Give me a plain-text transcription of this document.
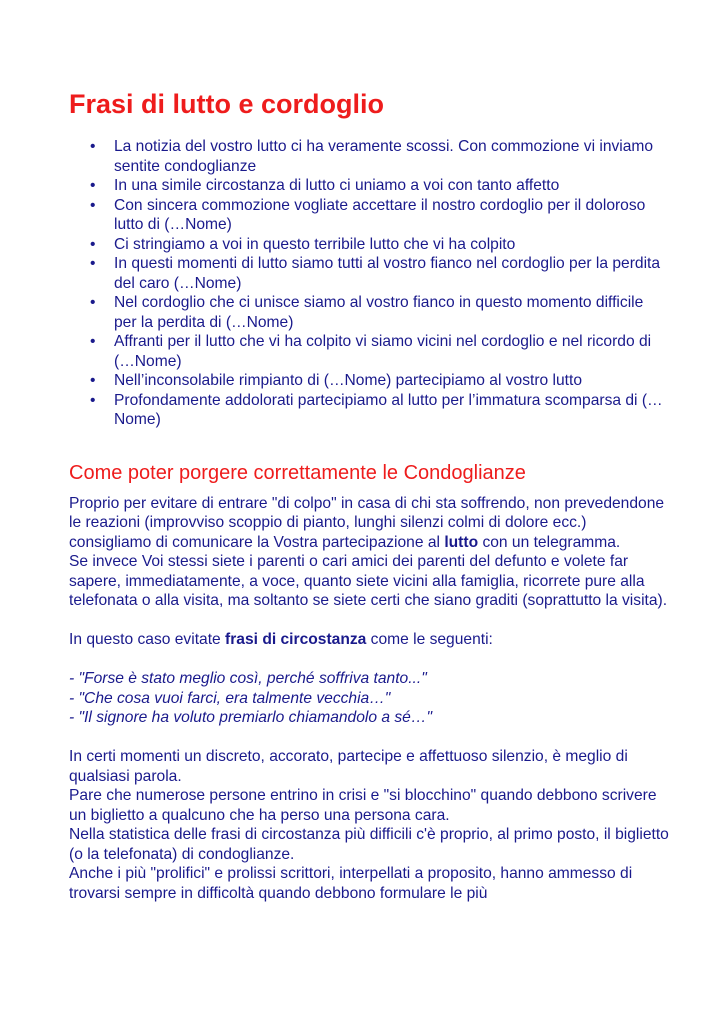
Frasi di lutto e cordoglio
• La notizia del vostro lutto ci ha veramente scossi. Con commozione vi inviamo sentite condoglianze
• In una simile circostanza di lutto ci uniamo a voi con tanto affetto
• Con sincera commozione vogliate accettare il nostro cordoglio per il doloroso lutto di (…Nome)
• Ci stringiamo a voi in questo terribile lutto che vi ha colpito
• In questi momenti di lutto siamo tutti al vostro fianco nel cordoglio per la perdita del caro (…Nome)
• Nel cordoglio che ci unisce siamo al vostro fianco in questo momento difficile per la perdita di (…Nome)
• Affranti per il lutto che vi ha colpito vi siamo vicini nel cordoglio e nel ricordo di (…Nome)
• Nell’inconsolabile rimpianto di (…Nome) partecipiamo al vostro lutto
• Profondamente addolorati partecipiamo al lutto per l’immatura scomparsa di (…Nome)
Come poter porgere correttamente le Condoglianze

Proprio per evitare di entrare "di colpo" in casa di chi sta soffrendo, non prevedendone le reazioni (improvviso scoppio di pianto, lunghi silenzi colmi di dolore ecc.) consigliamo di comunicare la Vostra partecipazione al lutto con un telegramma.

Se invece Voi stessi siete i parenti o cari amici dei parenti del defunto e volete far sapere, immediatamente, a voce, quanto siete vicini alla famiglia, ricorrete pure alla telefonata o alla visita, ma soltanto se siete certi che siano graditi (soprattutto la visita).

In questo caso evitate frasi di circostanza come le seguenti:

- "Forse è stato meglio così, perché soffriva tanto..."

- "Che cosa vuoi farci, era talmente vecchia…"

- "Il signore ha voluto premiarlo chiamandolo a sé…"

In certi momenti un discreto, accorato, partecipe e affettuoso silenzio, è meglio di qualsiasi parola.

Pare che numerose persone entrino in crisi e "si blocchino" quando debbono scrivere un biglietto a qualcuno che ha perso una persona cara.

Nella statistica delle frasi di circostanza più difficili c'è proprio, al primo posto, il biglietto (o la telefonata) di condoglianze.

Anche i più "prolifici" e prolissi scrittori, interpellati a proposito, hanno ammesso di trovarsi sempre in difficoltà quando debbono formulare le più
